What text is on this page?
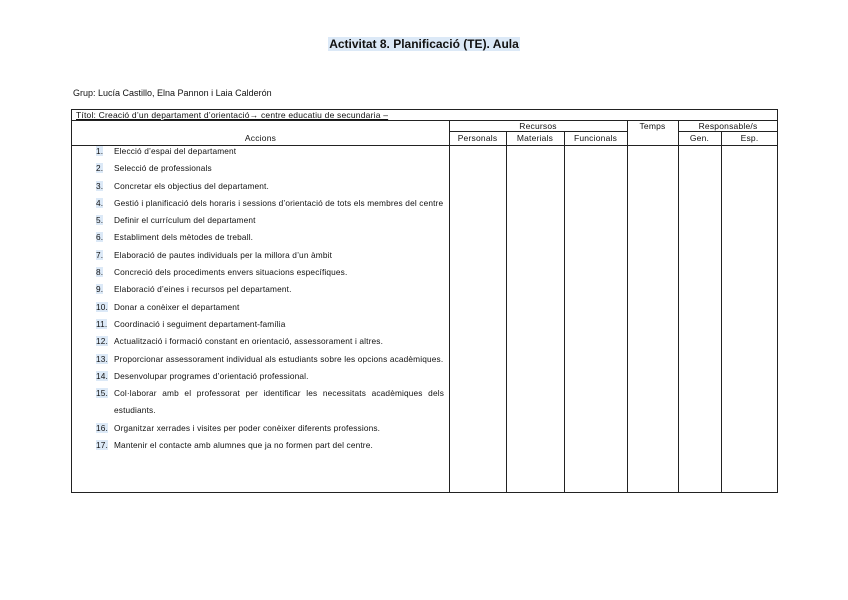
Activitat 8. Planificació (TE). Aula
Grup: Lucía Castillo, Elna Pannon i Laia Calderón
Títol: Creació d’un departament d’orientació→ centre educatiu de secundaria –
Accions
Recursos
Personals	Materials	Funcionals
Temps	Responsable/s
Gen.	Esp.
1.	Elecció d’espai del departament
2.	Selecció de professionals
3.	Concretar els objectius del departament.
4.	Gestió i planificació dels horaris i sessions d’orientació de tots els membres del centre
5.	Definir el currículum del departament
6.	Establiment dels mètodes de treball.
7.	Elaboració de pautes individuals per la millora d’un àmbit
8.	Concreció dels procediments envers situacions específiques.
9.	Elaboració d’eines i recursos pel departament.
10. Donar a conèixer el departament
11. Coordinació i seguiment departament-família
12. Actualització i formació constant en orientació, assessorament i altres.
13. Proporcionar assessorament individual als estudiants sobre les opcions acadèmiques.
14. Desenvolupar programes d’orientació professional.
15. Col·laborar amb el professorat per identificar les necessitats acadèmiques dels estudiants.
16. Organitzar xerrades i visites per poder conèixer diferents professions.
17. Mantenir el contacte amb alumnes que ja no formen part del centre.
